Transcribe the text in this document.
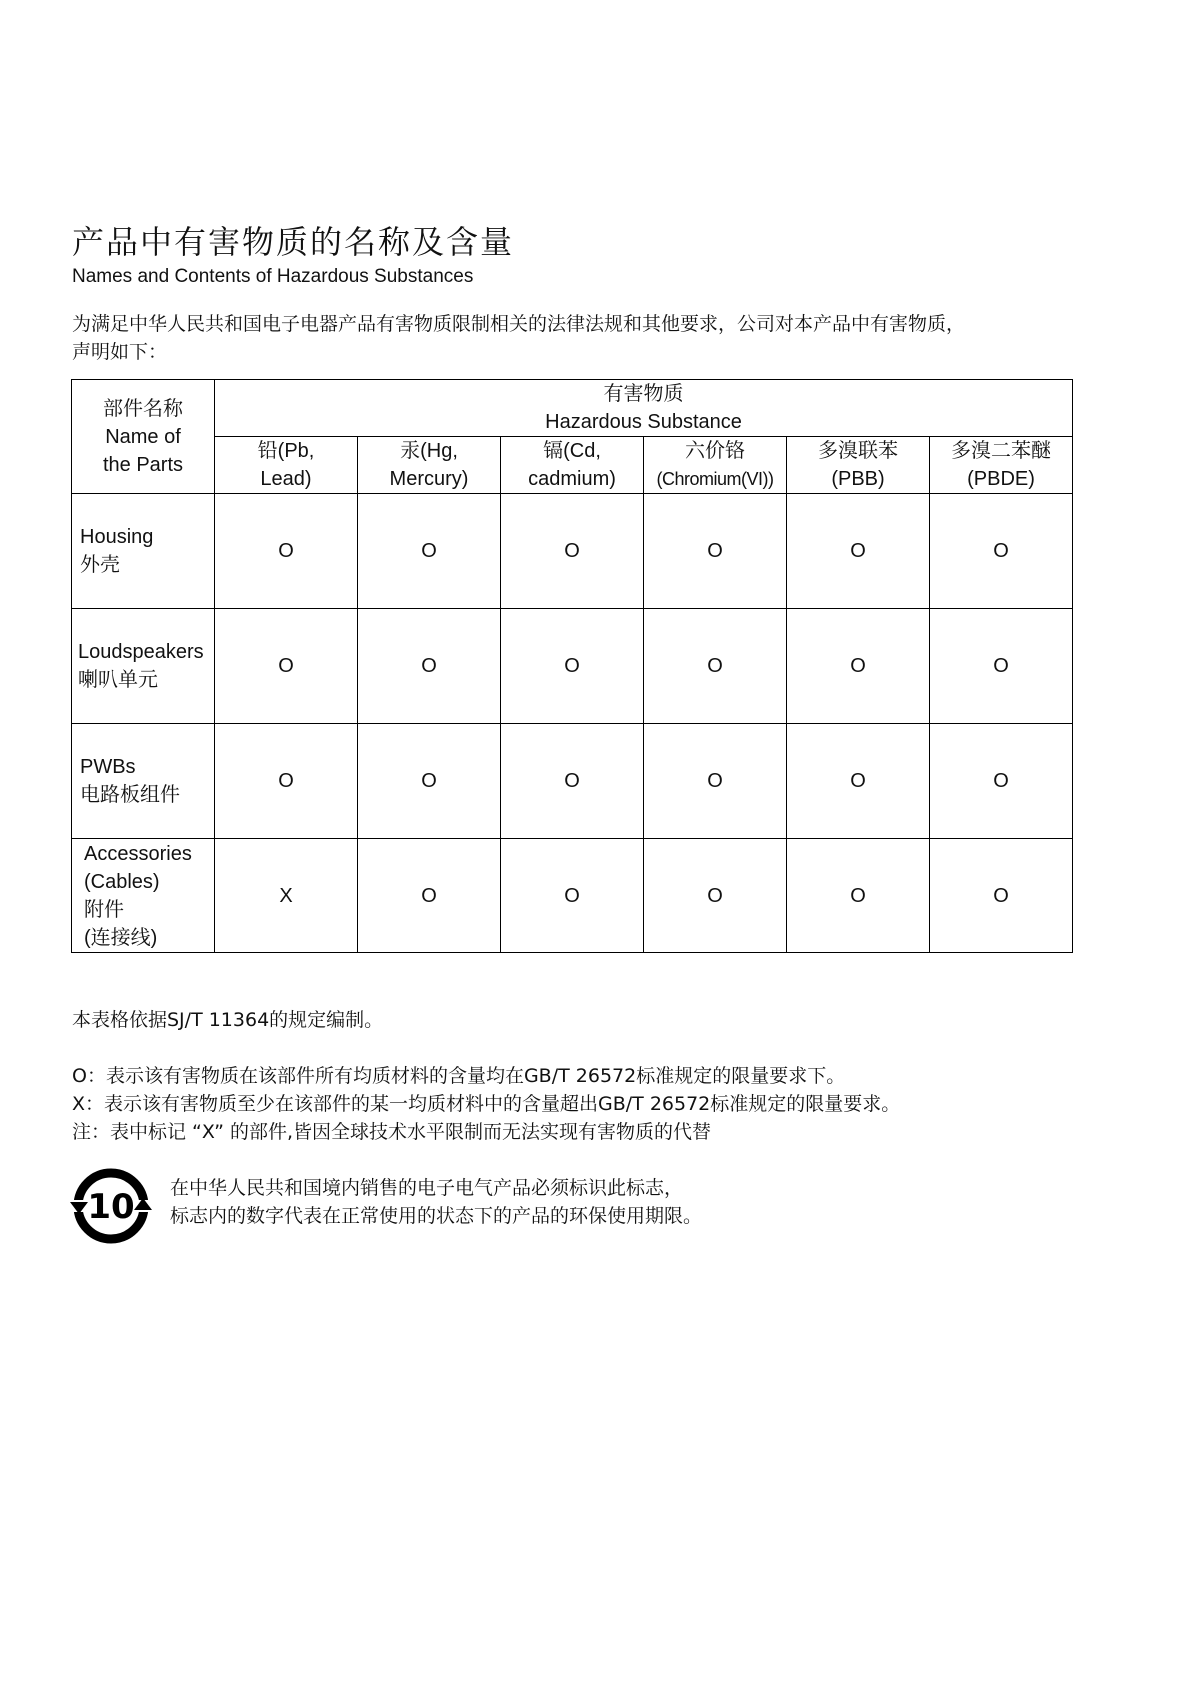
产品中有害物质的名称及含量
Names and Contents of Hazardous Substances
为满足中华人民共和国电子电器产品有害物质限制相关的法律法规和其他要求，公司对本产品中有害物质，
声明如下：
部件名称
Name of
the Parts	有害物质
Hazardous Substance					

	铅(Pb,
Lead)	汞(Hg,
Mercury)	镉(Cd,
cadmium)	六价铬
(Chromium(VI))	多溴联苯
(PBB)	多溴二苯醚
(PBDE)

Housing
外壳	O	O	O	O	O	O

Loudspeakers
喇叭单元	O	O	O	O	O	O

PWBs
电路板组件	O	O	O	O	O	O

Accessories
(Cables)
附件
(连接线)	X	O	O	O	O	O
本表格依据SJ/T 11364的规定编制。
O：表示该有害物质在该部件所有均质材料的含量均在GB/T 26572标准规定的限量要求下。
X：表示该有害物质至少在该部件的某一均质材料中的含量超出GB/T 26572标准规定的限量要求。
注：表中标记 “X” 的部件,皆因全球技术水平限制而无法实现有害物质的代替
10 在中华人民共和国境内销售的电子电气产品必须标识此标志，
标志内的数字代表在正常使用的状态下的产品的环保使用期限。
